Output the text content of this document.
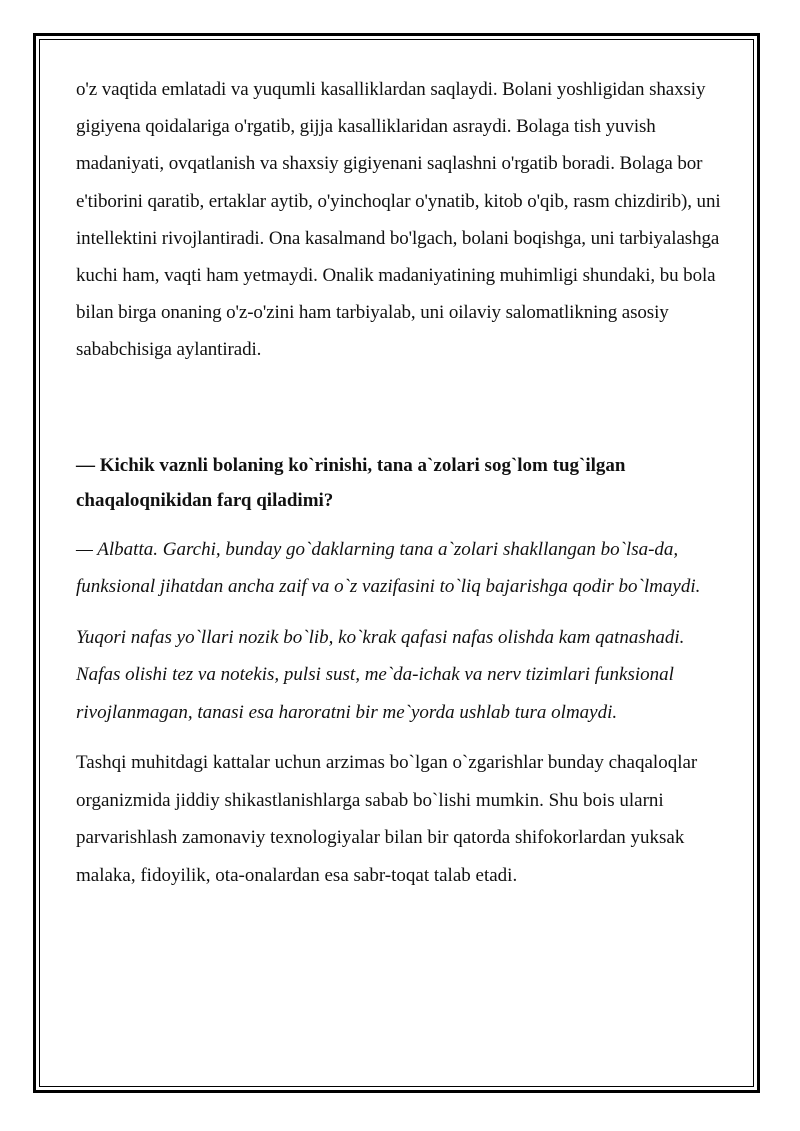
o'z vaqtida emlatadi va yuqumli kasalliklardan saqlaydi. Bolani yoshligidan shaxsiy gigiyena qoidalariga o'rgatib, gijja kasalliklaridan asraydi. Bolaga tish yuvish madaniyati, ovqatlanish va shaxsiy gigiyenani saqlashni o'rgatib boradi. Bolaga bor e'tiborini qaratib, ertaklar aytib, o'yinchoqlar o'ynatib, kitob o'qib, rasm chizdirib), uni intellektini rivojlantiradi. Ona kasalmand bo'lgach, bolani boqishga, uni tarbiyalashga kuchi ham, vaqti ham yetmaydi. Onalik madaniyatining muhimligi shundaki, bu bola bilan birga onaning o'z-o'zini ham tarbiyalab, uni oilaviy salomatlikning asosiy sababchisiga aylantiradi.

— Kichik vaznli bolaning ko`rinishi, tana a`zolari sog`lom tug`ilgan chaqaloqnikidan farq qiladimi?

— Albatta. Garchi, bunday go`daklarning tana a`zolari shakllangan bo`lsa-da, funksional jihatdan ancha zaif va o`z vazifasini to`liq bajarishga qodir bo`lmaydi.

Yuqori nafas yo`llari nozik bo`lib, ko`krak qafasi nafas olishda kam qatnashadi. Nafas olishi tez va notekis, pulsi sust, me`da-ichak va nerv tizimlari funksional rivojlanmagan, tanasi esa haroratni bir me`yorda ushlab tura olmaydi.

Tashqi muhitdagi kattalar uchun arzimas bo`lgan o`zgarishlar bunday chaqaloqlar organizmida jiddiy shikastlanishlarga sabab bo`lishi mumkin. Shu bois ularni parvarishlash zamonaviy texnologiyalar bilan bir qatorda shifokorlardan yuksak malaka, fidoyilik, ota-onalardan esa sabr-toqat talab etadi.
